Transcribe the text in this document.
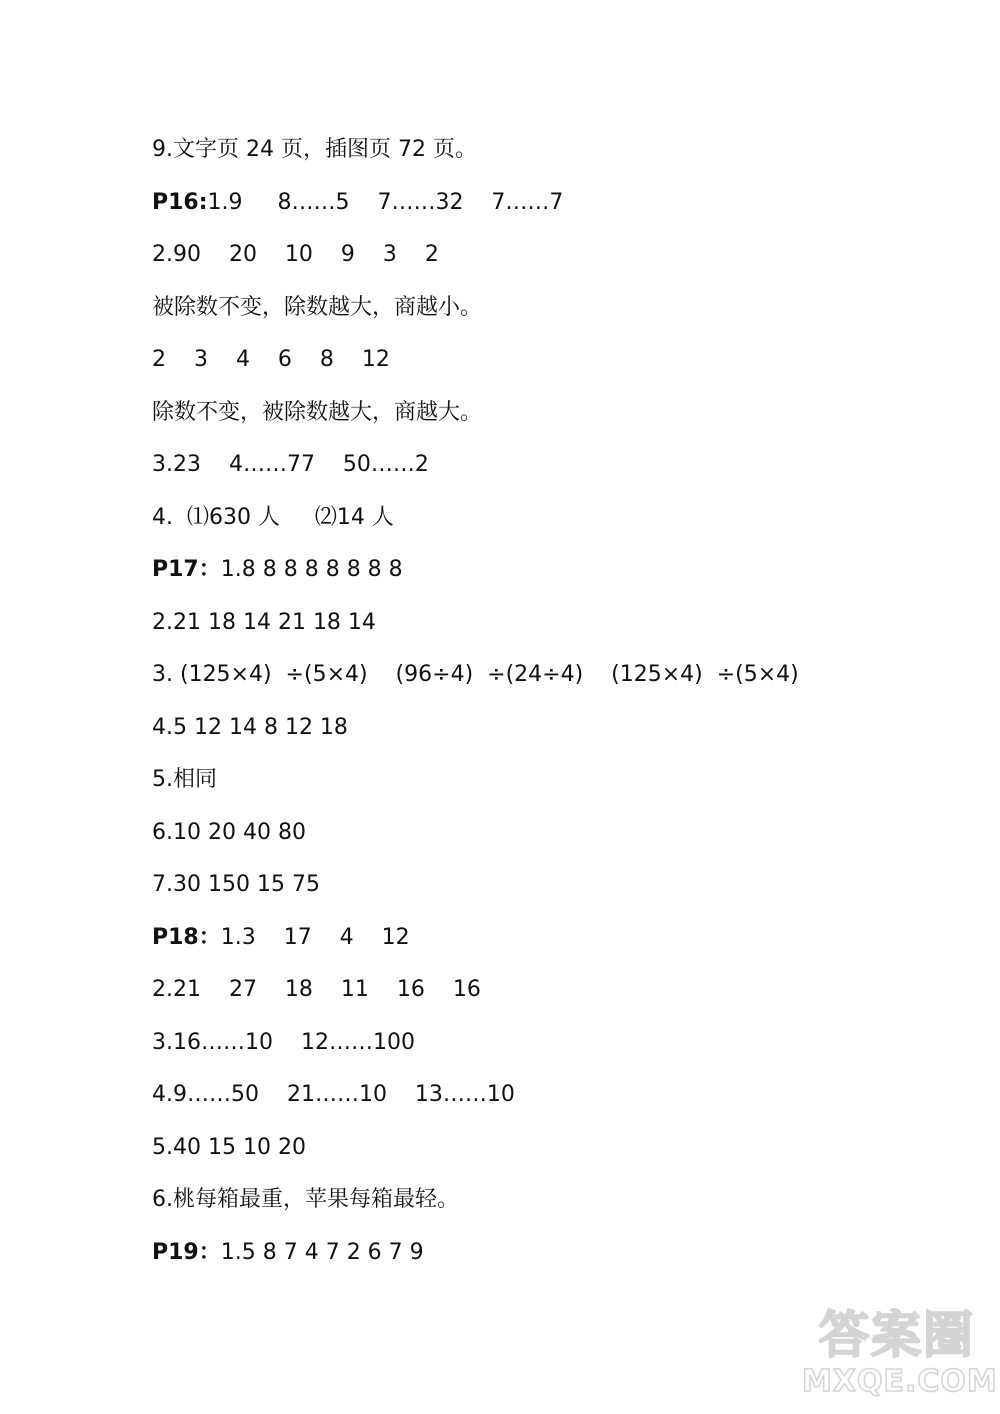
9.文字页 24 页，插图页 72 页。
P16:1.9     8……5    7……32    7……7
2.90    20    10    9    3    2
被除数不变，除数越大，商越小。
2    3    4    6    8    12
除数不变，被除数越大，商越大。
3.23    4……77    50……2
4.  ⑴630 人     ⑵14 人
P17：1.8 8 8 8 8 8 8 8
2.21 18 14 21 18 14
3. (125×4)  ÷(5×4)    (96÷4)  ÷(24÷4)    (125×4)  ÷(5×4)
4.5 12 14 8 12 18
5.相同
6.10 20 40 80
7.30 150 15 75
P18：1.3    17    4    12
2.21    27    18    11    16    16
3.16……10    12……100
4.9……50    21……10    13……10
5.40 15 10 20
6.桃每箱最重，苹果每箱最轻。
P19：1.5 8 7 4 7 2 6 7 9
答案圈
MXQE.COM
